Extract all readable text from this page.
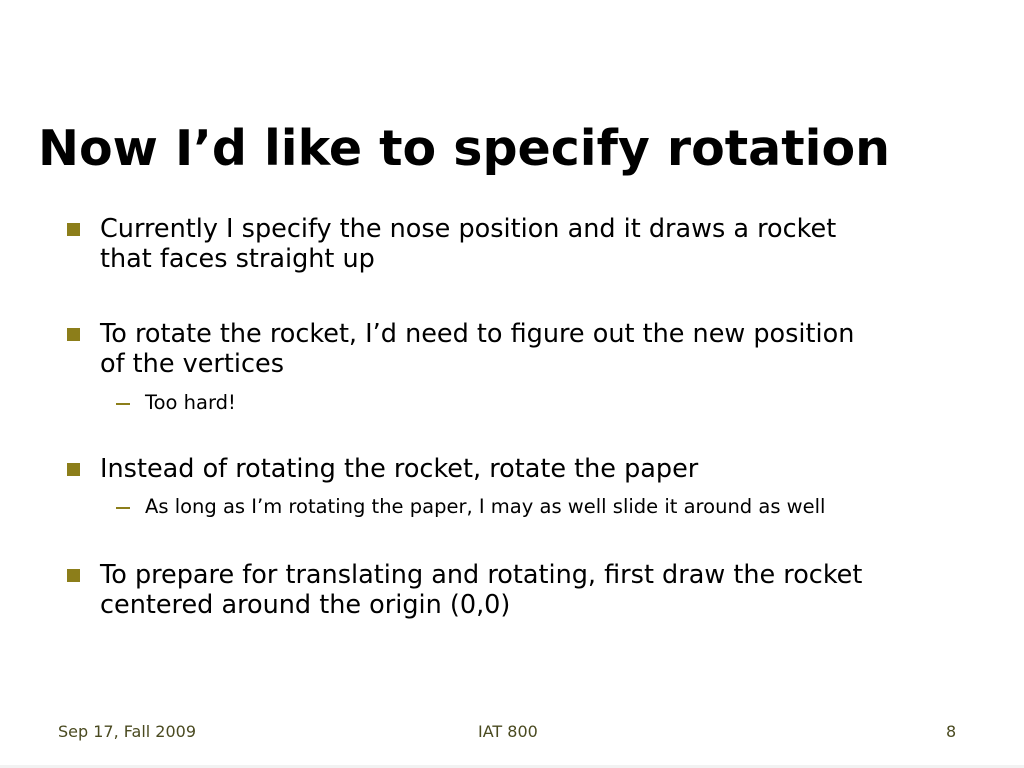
Now I’d like to specify rotation
Currently I specify the nose position and it draws a rocket
that faces straight up
To rotate the rocket, I’d need to figure out the new position
of the vertices
Too hard!
Instead of rotating the rocket, rotate the paper
As long as I’m rotating the paper, I may as well slide it around as well
To prepare for translating and rotating, first draw the rocket
centered around the origin (0,0)
Sep 17, Fall 2009	IAT 800	8
